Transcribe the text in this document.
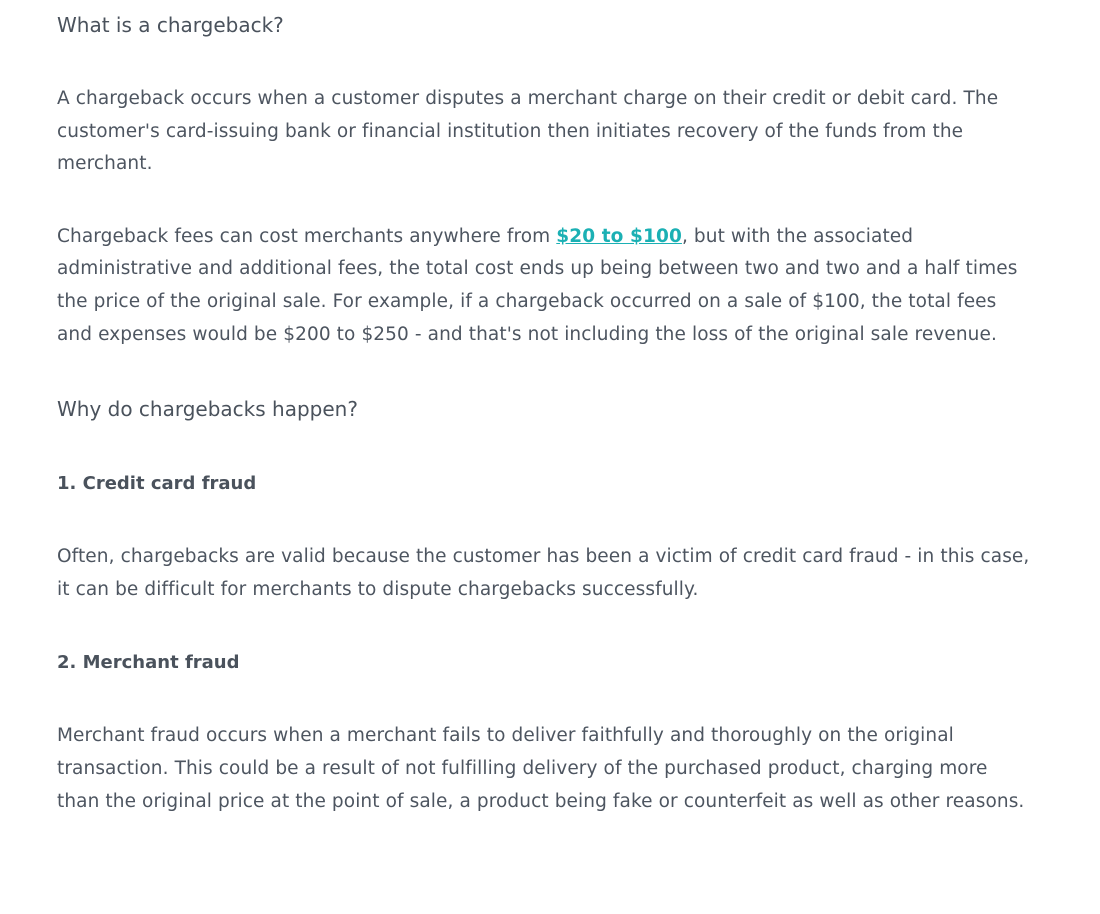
What is a chargeback?

A chargeback occurs when a customer disputes a merchant charge on their credit or debit card. The customer's card-issuing bank or financial institution then initiates recovery of the funds from the merchant.

Chargeback fees can cost merchants anywhere from $20 to $100, but with the associated administrative and additional fees, the total cost ends up being between two and two and a half times the price of the original sale. For example, if a chargeback occurred on a sale of $100, the total fees and expenses would be $200 to $250 - and that's not including the loss of the original sale revenue.

Why do chargebacks happen?
1. Credit card fraud

Often, chargebacks are valid because the customer has been a victim of credit card fraud - in this case, it can be difficult for merchants to dispute chargebacks successfully.

2. Merchant fraud

Merchant fraud occurs when a merchant fails to deliver faithfully and thoroughly on the original transaction. This could be a result of not fulfilling delivery of the purchased product, charging more than the original price at the point of sale, a product being fake or counterfeit as well as other reasons.
